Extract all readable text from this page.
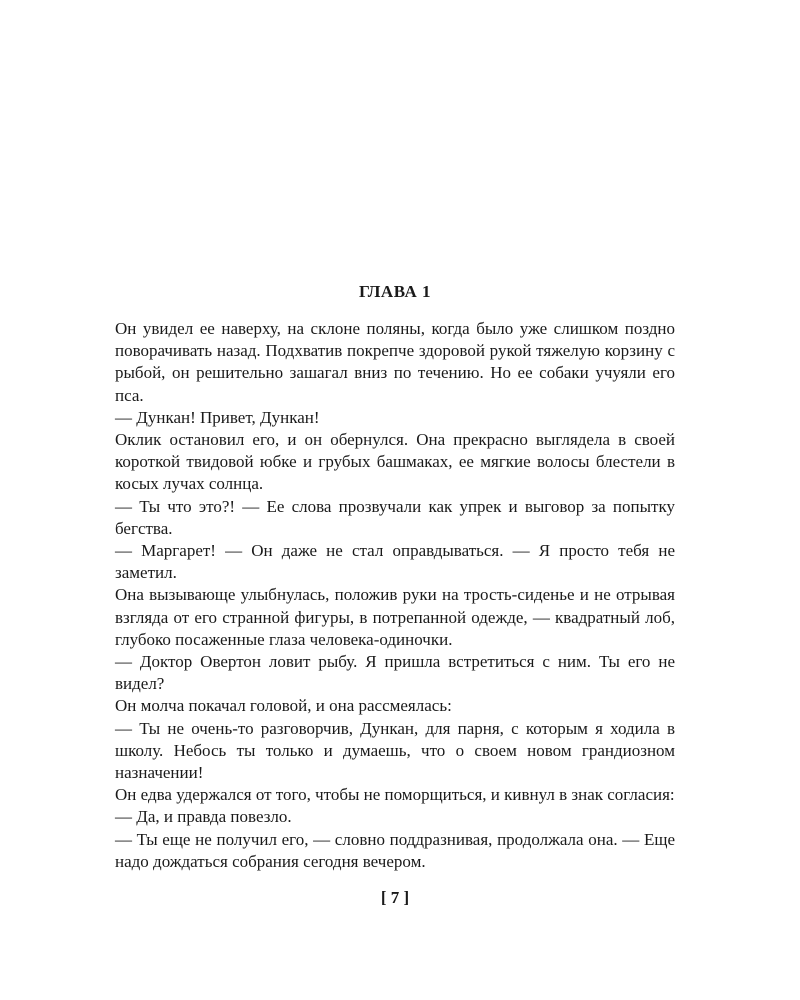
ГЛАВА 1

Он увидел ее наверху, на склоне поляны, когда было уже слишком поздно поворачивать назад. Подхватив покрепче здоровой рукой тяжелую корзину с рыбой, он решительно зашагал вниз по течению. Но ее собаки учуяли его пса.

— Дункан! Привет, Дункан!

Оклик остановил его, и он обернулся. Она прекрасно выглядела в своей короткой твидовой юбке и грубых башмаках, ее мягкие волосы блестели в косых лучах солнца.

— Ты что это?! — Ее слова прозвучали как упрек и выговор за попытку бегства.

— Маргарет! — Он даже не стал оправдываться. — Я просто тебя не заметил.

Она вызывающе улыбнулась, положив руки на трость-сиденье и не отрывая взгляда от его странной фигуры, в потрепанной одежде, — квадратный лоб, глубоко посаженные глаза человека-одиночки.

— Доктор Овертон ловит рыбу. Я пришла встретиться с ним. Ты его не видел?

Он молча покачал головой, и она рассмеялась:

— Ты не очень-то разговорчив, Дункан, для парня, с которым я ходила в школу. Небось ты только и думаешь, что о своем новом грандиозном назначении!

Он едва удержался от того, чтобы не поморщиться, и кивнул в знак согласия:

— Да, и правда повезло.

— Ты еще не получил его, — словно поддразнивая, продолжала она. — Еще надо дождаться собрания сегодня вечером.

[ 7 ]
